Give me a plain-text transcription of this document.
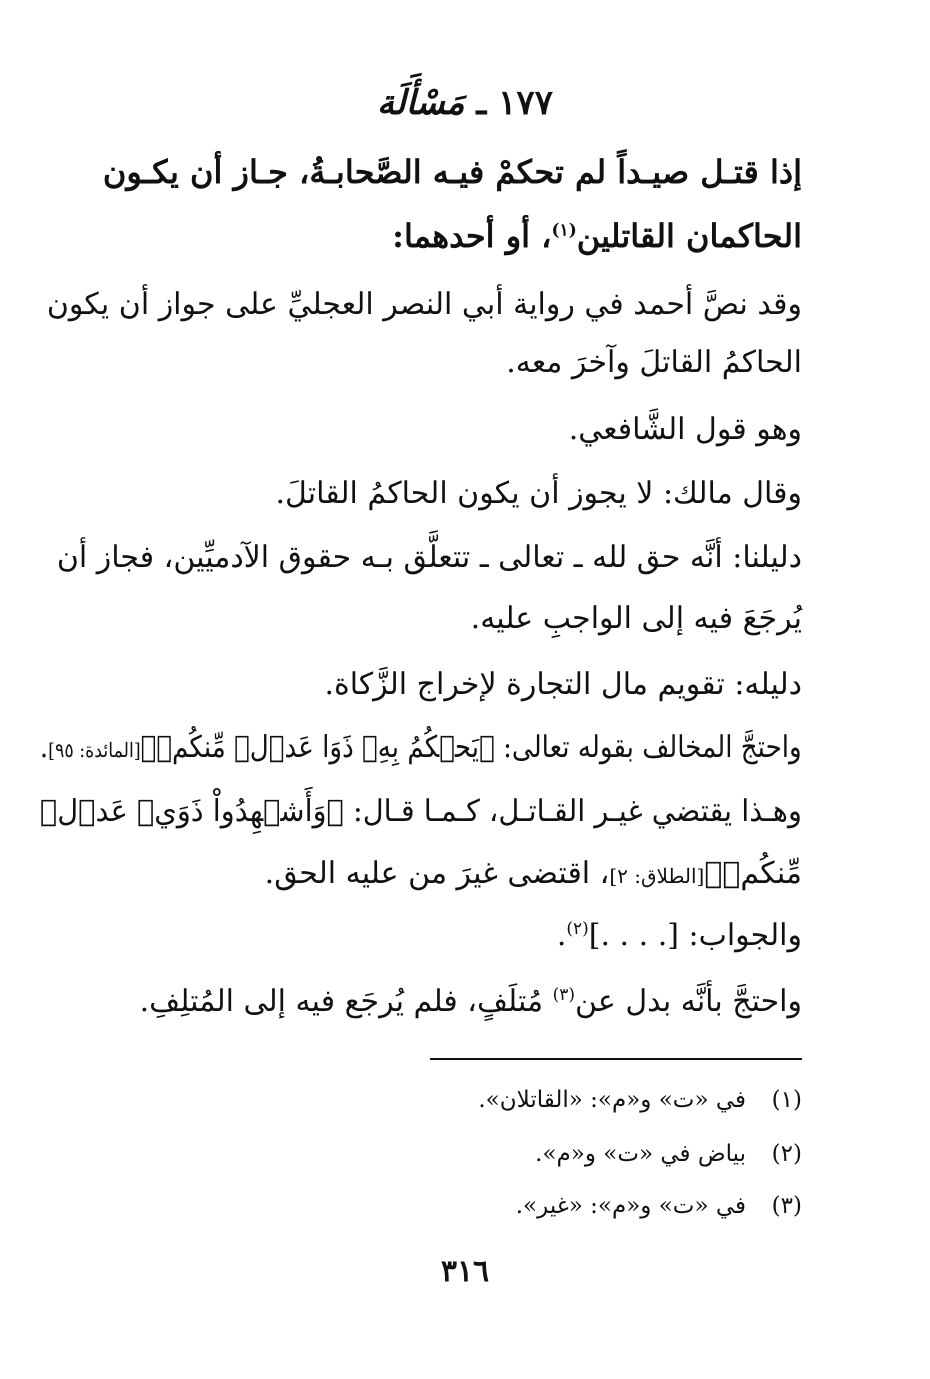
١٧٧ ـ مَسْأَلَة
إذا قتـل صيـداً لم تحكمْ فيـه الصَّحابـةُ، جـاز أن يكـون
الحاكمان القاتلين$^{(١)}$، أو أحدهما:
وقد نصَّ أحمد في رواية أبي النصر العجليِّ على جواز أن يكون
الحاكمُ القاتلَ وآخرَ معه.
وهو قول الشَّافعي.
وقال مالك: لا يجوز أن يكون الحاكمُ القاتلَ.
دليلنا: أنَّه حق لله ـ تعالى ـ تتعلَّق بـه حقوق الآدميِّين، فجاز أن
يُرجَعَ فيه إلى الواجبِ عليه.
دليله: تقويم مال التجارة لإخراج الزَّكاة.
واحتجَّ المخالف بقوله تعالى: ﴿يَحۡكُمُ بِهِۦ ذَوَا عَدۡلٖ مِّنكُمۡ﴾[المائدة: ٩٥].
وهـذا يقتضي غيـر القـاتـل، كـمـا قـال: ﴿وَأَشۡهِدُواْ ذَوَيۡ عَدۡلٖ
مِّنكُمۡ﴾[الطلاق: ٢]، اقتضى غيرَ من عليه الحق.
والجواب: [. . . .]$^{(٢)}$.
واحتجَّ بأنَّه بدل عن$^{(٣)}$ مُتلَفٍ، فلم يُرجَع فيه إلى المُتلِفِ.
(١)في «ت» و«م»: «القاتلان».
(٢)بياض في «ت» و«م».
(٣)في «ت» و«م»: «غير».
٣١٦
